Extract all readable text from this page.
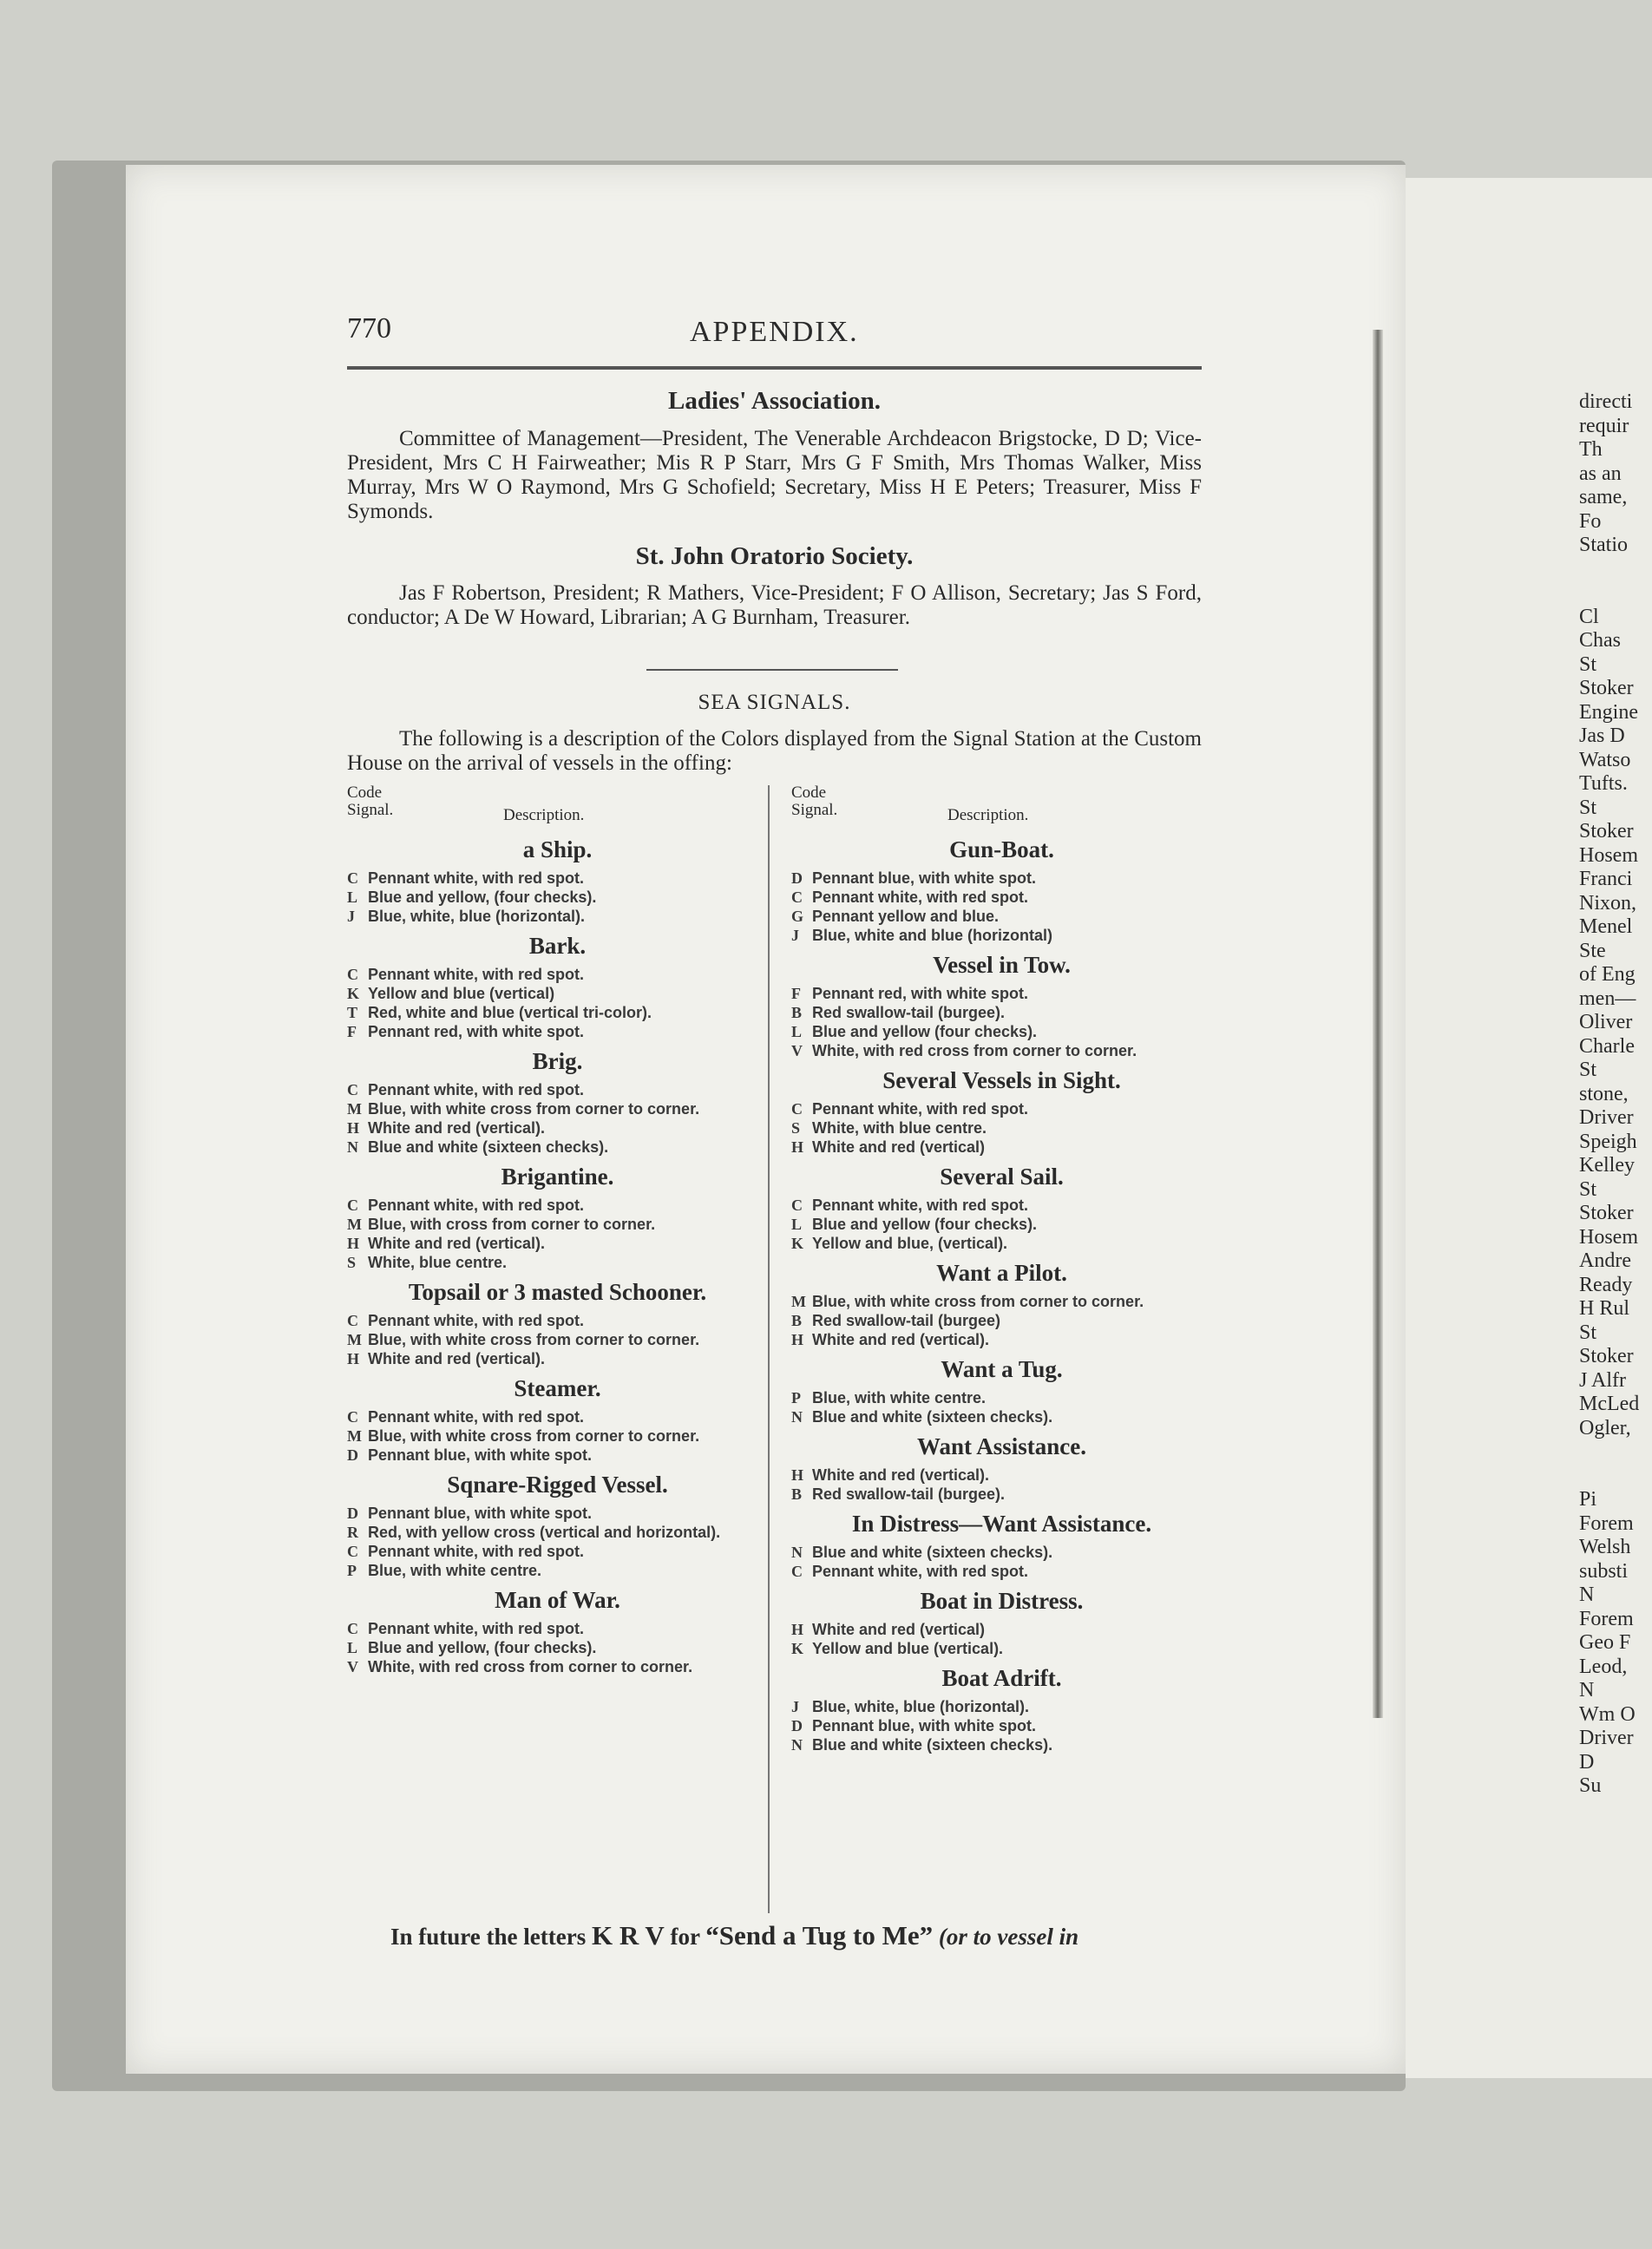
770	APPENDIX.
Ladies' Association.
Committee of Management—President, The Venerable Archdeacon Brigstocke, D D; Vice-President, Mrs C H Fairweather; Mis R P Starr, Mrs G F Smith, Mrs Thomas Walker, Miss Murray, Mrs W O Raymond, Mrs G Schofield; Secretary, Miss H E Peters; Treasurer, Miss F Symonds.
St. John Oratorio Society.
Jas F Robertson, President; R Mathers, Vice-President; F O Allison, Secretary; Jas S Ford, conductor; A De W Howard, Librarian; A G Burnham, Treasurer.
SEA SIGNALS.
The following is a description of the Colors displayed from the Signal Station at the Custom House on the arrival of vessels in the offing:
Code Signal.	Description.
a Ship.
C Pennant white, with red spot.
L Blue and yellow, (four checks).
J Blue, white, blue (horizontal).
Bark.
C Pennant white, with red spot.
K Yellow and blue (vertical)
T Red, white and blue (vertical tri-color).
F Pennant red, with white spot.
Brig.
C Pennant white, with red spot.
M Blue, with white cross from corner to corner.
H White and red (vertical).
N Blue and white (sixteen checks).
Brigantine.
C Pennant white, with red spot.
M Blue, with cross from corner to corner.
H White and red (vertical).
S White, blue centre.
Topsail or 3 masted Schooner.
C Pennant white, with red spot.
M Blue, with white cross from corner to corner.
H White and red (vertical).
Steamer.
C Pennant white, with red spot.
M Blue, with white cross from corner to corner.
D Pennant blue, with white spot.
Sqnare-Rigged Vessel.
D Pennant blue, with white spot.
R Red, with yellow cross (vertical and horizontal).
C Pennant white, with red spot.
P Blue, with white centre.
Man of War.
C Pennant white, with red spot.
L Blue and yellow, (four checks).
V White, with red cross from corner to corner.
Code Signal.	Description.
Gun-Boat.
D Pennant blue, with white spot.
C Pennant white, with red spot.
G Pennant yellow and blue.
J Blue, white and blue (horizontal)
Vessel in Tow.
F Pennant red, with white spot.
B Red swallow-tail (burgee).
L Blue and yellow (four checks).
V White, with red cross from corner to corner.
Several Vessels in Sight.
C Pennant white, with red spot.
S White, with blue centre.
H White and red (vertical)
Several Sail.
C Pennant white, with red spot.
L Blue and yellow (four checks).
K Yellow and blue, (vertical).
Want a Pilot.
M Blue, with white cross from corner to corner.
B Red swallow-tail (burgee)
H White and red (vertical).
Want a Tug.
P Blue, with white centre.
N Blue and white (sixteen checks).
Want Assistance.
H White and red (vertical).
B Red swallow-tail (burgee).
In Distress—Want Assistance.
N Blue and white (sixteen checks).
C Pennant white, with red spot.
Boat in Distress.
H White and red (vertical)
K Yellow and blue (vertical).
Boat Adrift.
J Blue, white, blue (horizontal).
D Pennant blue, with white spot.
N Blue and white (sixteen checks).
In future the letters K R V for “Send a Tug to Me” (or to vessel in
directi
requir
Th
as an
same,
Fo
Statio
Cl
Chas
St
Stoker
Engine
Jas D
Watso
Tufts.
St
Stoker
Hosem
Franci
Nixon,
Menel
Ste
of Eng
men—
Oliver
Charle
St
stone,
Driver
Speigh
Kelley
St
Stoker
Hosem
Andre
Ready
H Rul
St
Stoker
J Alfr
McLed
Ogler,
Pi
Forem
Welsh
substi
N
Forem
Geo F
Leod,
N
Wm O
Driver
D
Su
